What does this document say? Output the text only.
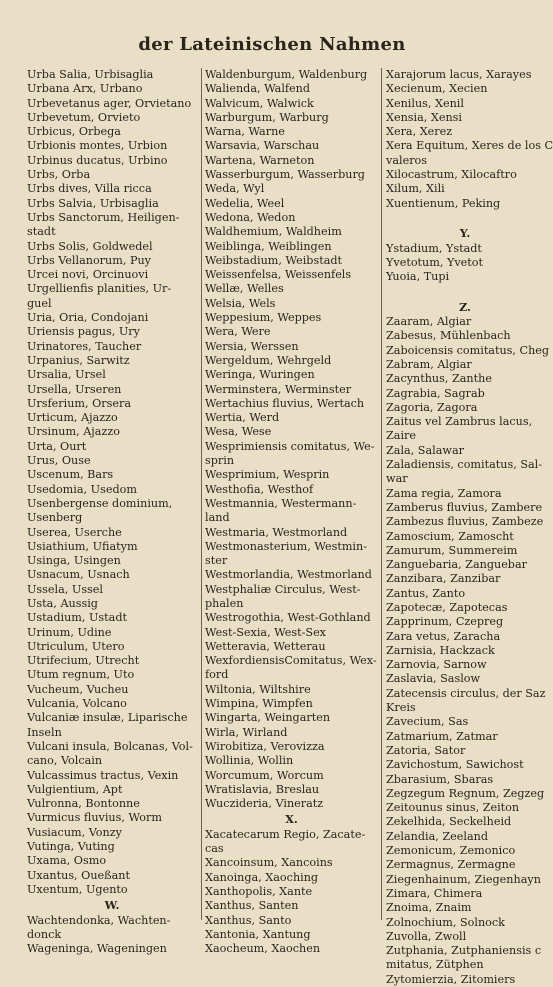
der Lateinischen Nahmen
Urba Salia, Urbisaglia
Urbana Arx, Urbano
Urbevetanus ager, Orvietano
Urbevetum, Orvieto
Urbicus, Orbega
Urbionis montes, Urbion
Urbinus ducatus, Urbino
Urbs, Orba
Urbs dives, Villa ricca
Urbs Salvia, Urbisaglia
Urbs Sanctorum, Heiligen-
stadt
Urbs Solis, Goldwedel
Urbs Vellanorum, Puy
Urcei novi, Orcinuovi
Urgellienfis planities, Ur-
guel
Uria, Oria, Condojani
Uriensis pagus, Ury
Urinatores, Taucher
Urpanius, Sarwitz
Ursalia, Ursel
Ursella, Urseren
Ursferium, Orsera
Urticum, Ajazzo
Ursinum, Ajazzo
Urta, Ourt
Urus, Ouse
Uscenum, Bars
Usedomia, Usedom
Usenbergense dominium,
Usenberg
Userea, Userche
Usiathium, Ufiatym
Usinga, Usingen
Usnacum, Usnach
Ussela, Ussel
Usta, Aussig
Ustadium, Ustadt
Urinum, Udine
Utriculum, Utero
Utrifecium, Utrecht
Utum regnum, Uto
Vucheum, Vucheu
Vulcania, Volcano
Vulcaniæ insulæ, Liparische
Inseln
Vulcani insula, Bolcanas, Vol-
cano, Volcain
Vulcassimus tractus, Vexin
Vulgientium, Apt
Vulronna, Bontonne
Vurmicus fluvius, Worm
Vusiacum, Vonzy
Vutinga, Vuting
Uxama, Osmo
Uxantus, Oueßant
Uxentum, Ugento
W.
Wachtendonka, Wachten-
donck
Wageninga, Wageningen
Waldenburgum, Waldenburg
Walienda, Walfend
Walvicum, Walwick
Warburgum, Warburg
Warna, Warne
Warsavia, Warschau
Wartena, Warneton
Wasserburgum, Wasserburg
Weda, Wyl
Wedelia, Weel
Wedona, Wedon
Waldhemium, Waldheim
Weiblinga, Weiblingen
Weibstadium, Weibstadt
Weissenfelsa, Weissenfels
Wellæ, Welles
Welsia, Wels
Weppesium, Weppes
Wera, Were
Wersia, Werssen
Wergeldum, Wehrgeld
Weringa, Wuringen
Werminstera, Werminster
Wertachius fluvius, Wertach
Wertia, Werd
Wesa, Wese
Wesprimiensis comitatus, We-
sprin
Wesprimium, Wesprin
Westhofia, Westhof
Westmannia, Westermann-
land
Westmaria, Westmorland
Westmonasterium, Westmin-
ster
Westmorlandia, Westmorland
Westphaliæ Circulus, West-
phalen
Westrogothia, West-Gothland
West-Sexia, West-Sex
Wetteravia, Wetterau
WexfordiensisComitatus, Wex-
ford
Wiltonia, Wiltshire
Wimpina, Wimpfen
Wingarta, Weingarten
Wirla, Wirland
Wirobitiza, Verovizza
Wollinia, Wollin
Worcumum, Worcum
Wratislavia, Breslau
Wuczideria, Vineratz
X.
Xacatecarum Regio, Zacate-
cas
Xancoinsum, Xancoins
Xanoinga, Xaoching
Xanthopolis, Xante
Xanthus, Santen
Xanthus, Santo
Xantonia, Xantung
Xaocheum, Xaochen
Xarajorum lacus, Xarayes
Xecienum, Xecien
Xenilus, Xenil
Xensia, Xensi
Xera, Xerez
Xera Equitum, Xeres de los C
valeros
Xilocastrum, Xilocaftro
Xilum, Xili
Xuentienum, Peking
Y.
Ystadium, Ystadt
Yvetotum, Yvetot
Yuoia, Tupi
Z.
Zaaram, Algiar
Zabesus, Mühlenbach
Zaboicensis comitatus, Cheg
Zabram, Algiar
Zacynthus, Zanthe
Zagrabia, Sagrab
Zagoria, Zagora
Zaitus vel Zambrus lacus,
Zaire
Zala, Salawar
Zaladiensis, comitatus, Sal-
war
Zama regia, Zamora
Zamberus fluvius, Zambere
Zambezus fluvius, Zambeze
Zamoscium, Zamoscht
Zamurum, Summereim
Zanguebaria, Zanguebar
Zanzibara, Zanzibar
Zantus, Zanto
Zapotecæ, Zapotecas
Zapprinum, Czepreg
Zara vetus, Zaracha
Zarnisia, Hackzack
Zarnovia, Sarnow
Zaslavia, Saslow
Zatecensis circulus, der Saz
Kreis
Zavecium, Sas
Zatmarium, Zatmar
Zatoria, Sator
Zavichostum, Sawichost
Zbarasium, Sbaras
Zegzegum Regnum, Zegzeg
Zeitounus sinus, Zeiton
Zekelhida, Seckelheid
Zelandia, Zeeland
Zemonicum, Zemonico
Zermagnus, Zermagne
Ziegenhainum, Ziegenhayn
Zimara, Chimera
Znoima, Znaim
Zolnochium, Solnock
Zuvolla, Zwoll
Zutphania, Zutphaniensis c
mitatus, Zütphen
Zytomierzia, Zitomiers
